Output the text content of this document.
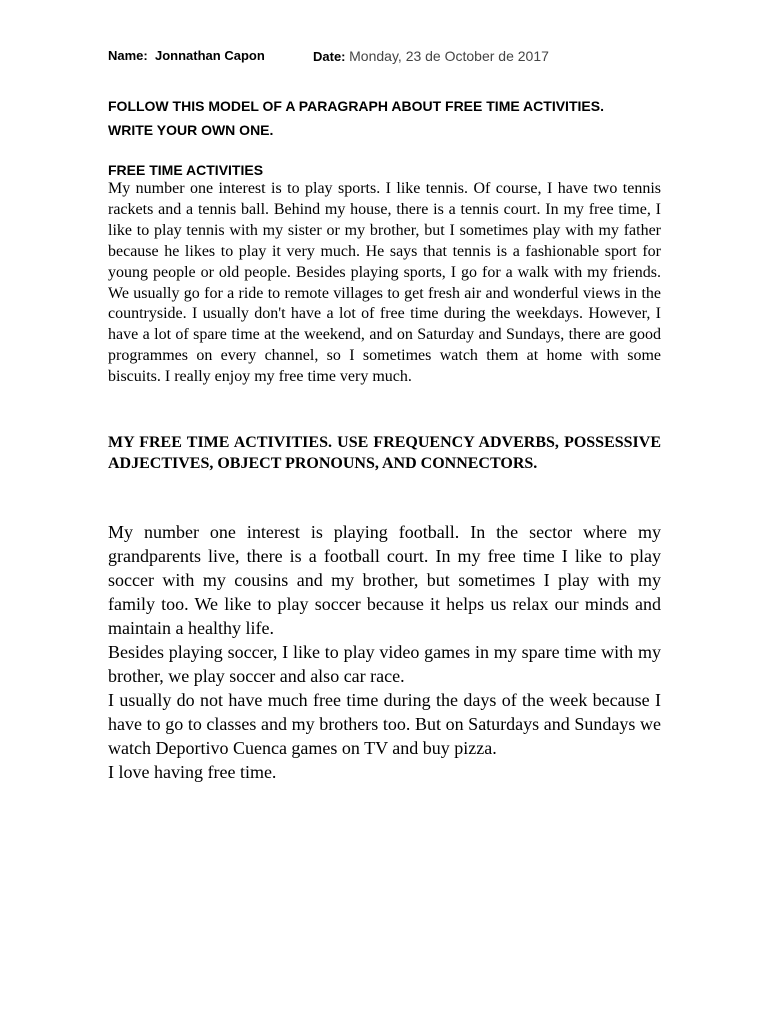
Name: Jonnathan Capon	Date: Monday, 23 de October de 2017
FOLLOW THIS MODEL OF A PARAGRAPH ABOUT FREE TIME ACTIVITIES.
WRITE YOUR OWN ONE.
FREE TIME ACTIVITIES

My number one interest is to play sports. I like tennis. Of course, I have two tennis rackets and a tennis ball. Behind my house, there is a tennis court. In my free time, I like to play tennis with my sister or my brother, but I sometimes play with my father because he likes to play it very much. He says that tennis is a fashionable sport for young people or old people. Besides playing sports, I go for a walk with my friends. We usually go for a ride to remote villages to get fresh air and wonderful views in the countryside. I usually don't have a lot of free time during the weekdays. However, I have a lot of spare time at the weekend, and on Saturday and Sundays, there are good programmes on every channel, so I sometimes watch them at home with some biscuits. I really enjoy my free time very much.

MY FREE TIME ACTIVITIES. USE FREQUENCY ADVERBS, POSSESSIVE ADJECTIVES, OBJECT PRONOUNS, AND CONNECTORS.

My number one interest is playing football. In the sector where my grandparents live, there is a football court. In my free time I like to play soccer with my cousins and my brother, but sometimes I play with my family too. We like to play soccer because it helps us relax our minds and maintain a healthy life.

Besides playing soccer, I like to play video games in my spare time with my brother, we play soccer and also car race.

I usually do not have much free time during the days of the week because I have to go to classes and my brothers too. But on Saturdays and Sundays we watch Deportivo Cuenca games on TV and buy pizza.

I love having free time.
